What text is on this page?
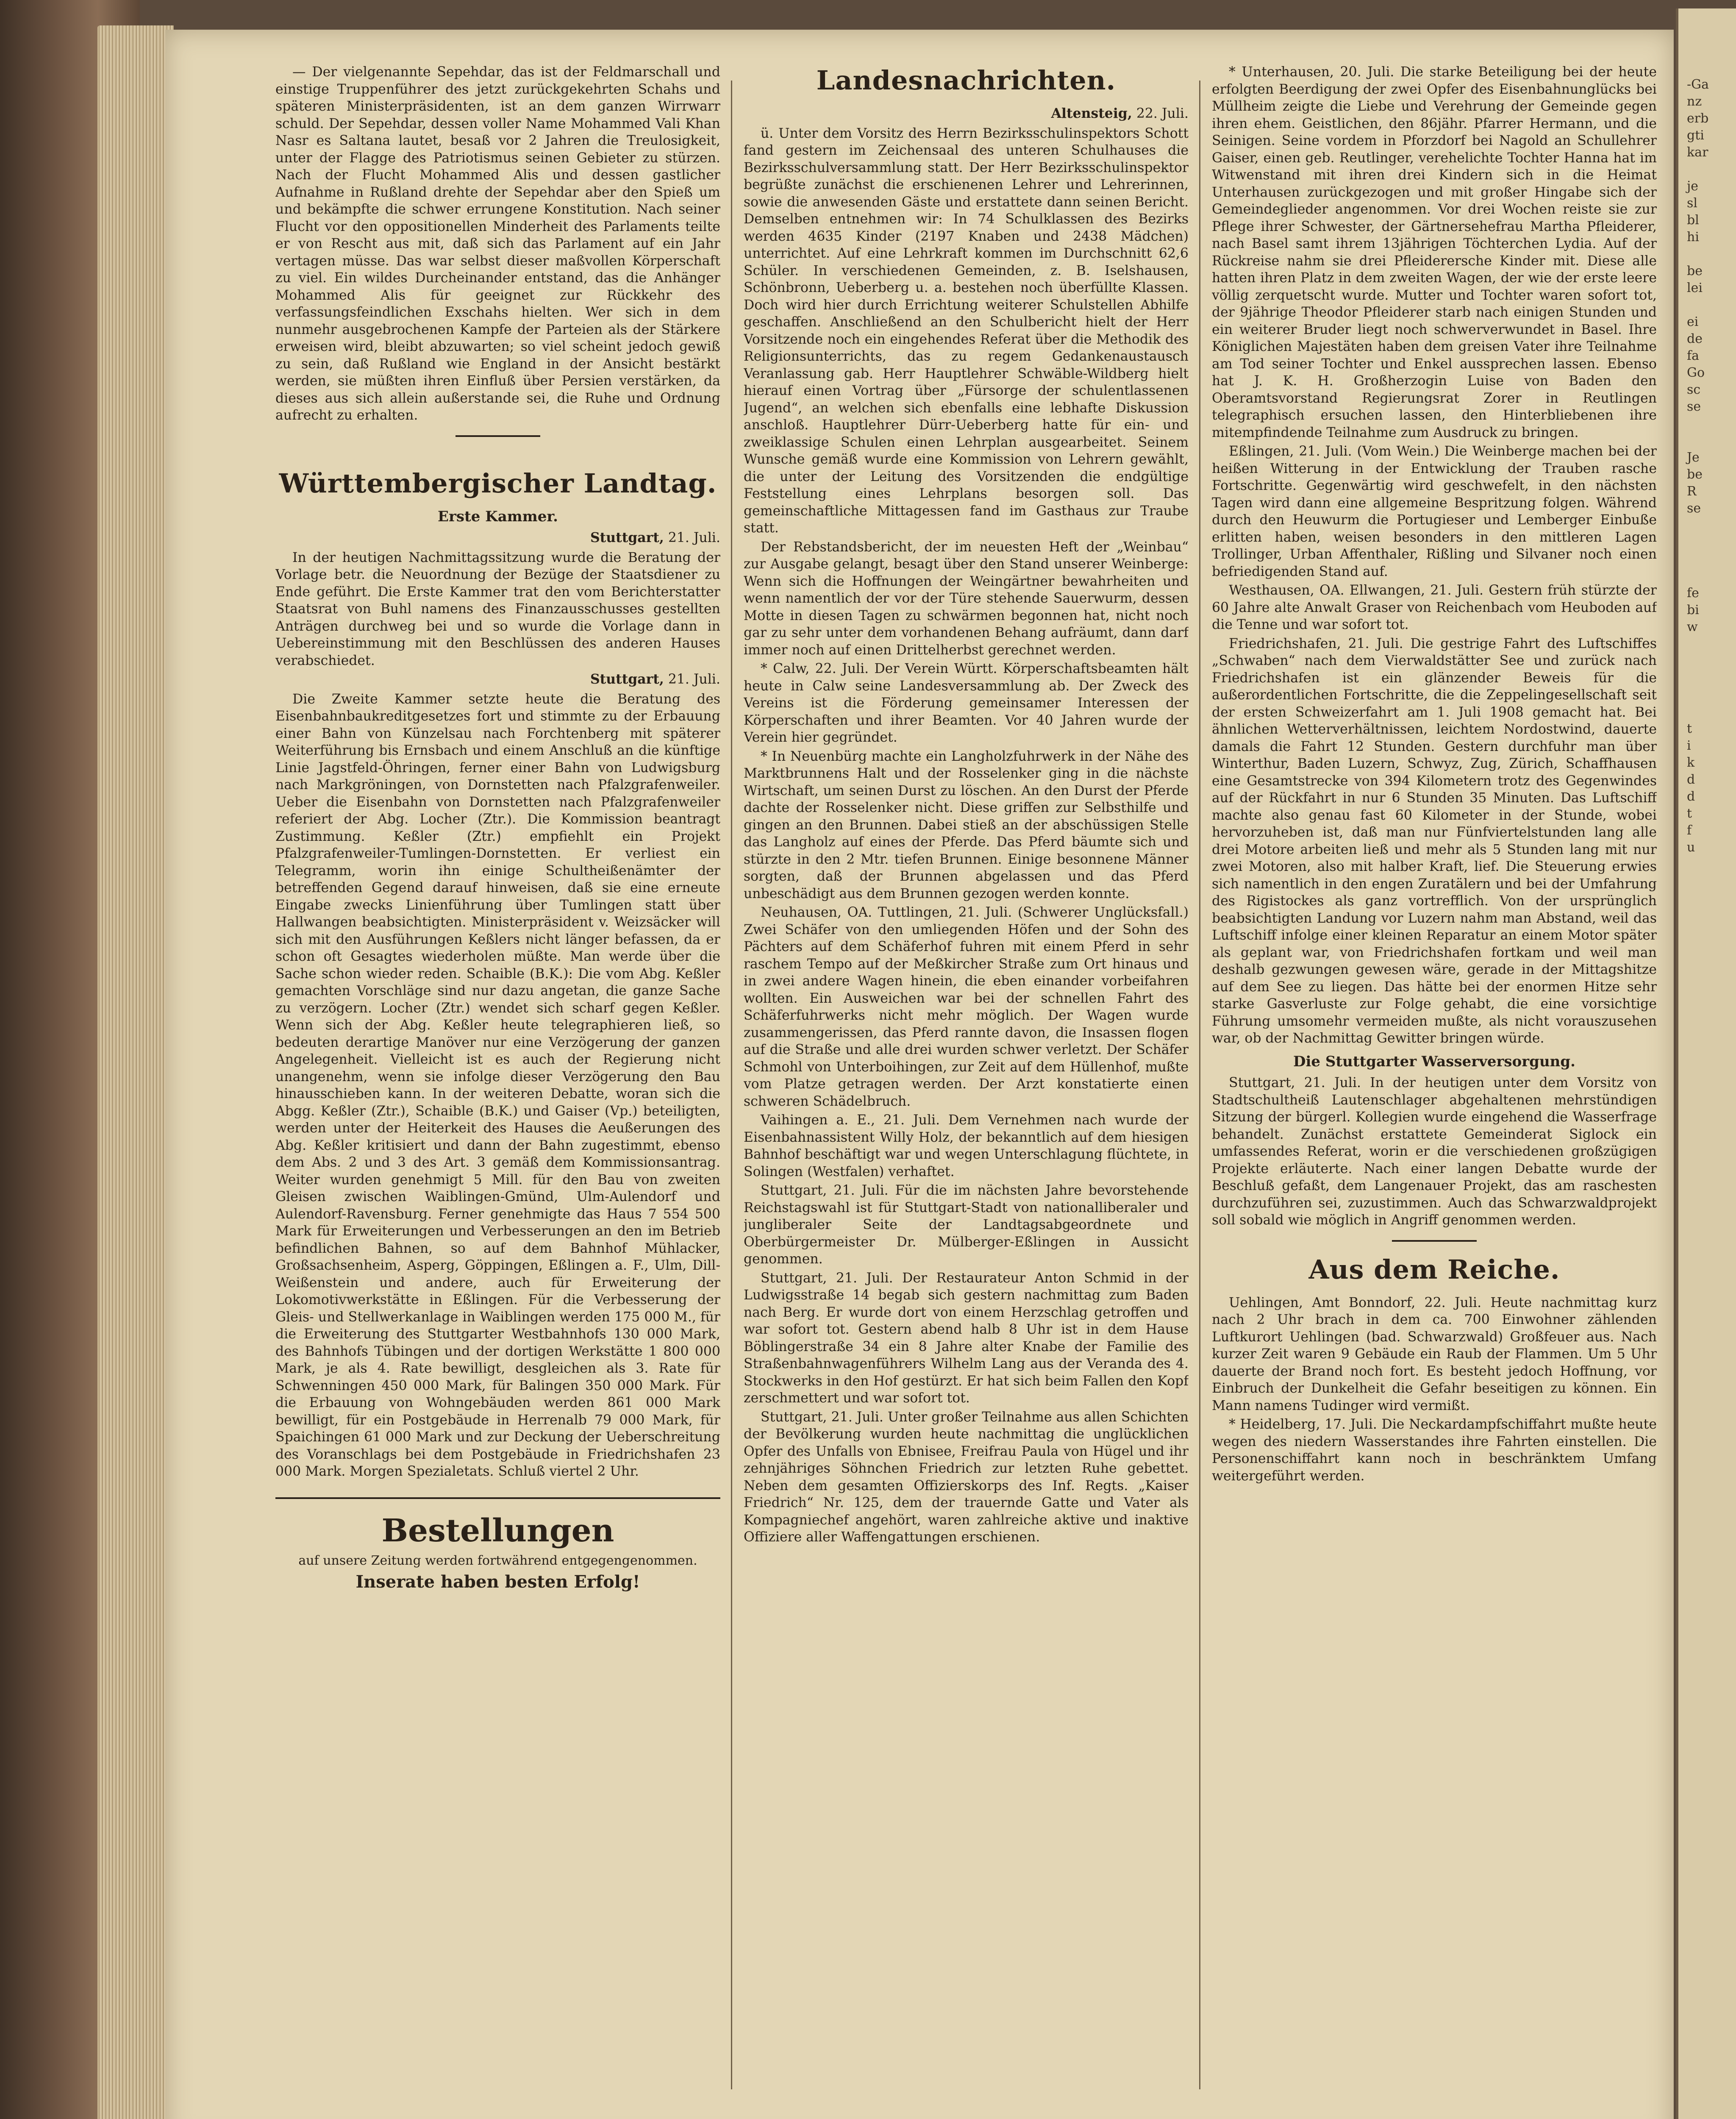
— Der vielgenannte Sepehdar, das ist der Feldmarschall und einstige Truppenführer des jetzt zurückgekehrten Schahs und späteren Ministerpräsidenten, ist an dem ganzen Wirrwarr schuld. Der Sepehdar, dessen voller Name Mohammed Vali Khan Nasr es Saltana lautet, besaß vor 2 Jahren die Treulosigkeit, unter der Flagge des Patriotismus seinen Gebieter zu stürzen. Nach der Flucht Mohammed Alis und dessen gastlicher Aufnahme in Rußland drehte der Sepehdar aber den Spieß um und bekämpfte die schwer errungene Konstitution. Nach seiner Flucht vor den oppositionellen Minderheit des Parlaments teilte er von Rescht aus mit, daß sich das Parlament auf ein Jahr vertagen müsse. Das war selbst dieser maßvollen Körperschaft zu viel. Ein wildes Durcheinander entstand, das die Anhänger Mohammed Alis für geeignet zur Rückkehr des verfassungsfeindlichen Exschahs hielten. Wer sich in dem nunmehr ausgebrochenen Kampfe der Parteien als der Stärkere erweisen wird, bleibt abzuwarten; so viel scheint jedoch gewiß zu sein, daß Rußland wie England in der Ansicht bestärkt werden, sie müßten ihren Einfluß über Persien verstärken, da dieses aus sich allein außerstande sei, die Ruhe und Ordnung aufrecht zu erhalten.

Württembergischer Landtag.
Erste Kammer.
Stuttgart, 21. Juli.

In der heutigen Nachmittagssitzung wurde die Beratung der Vorlage betr. die Neuordnung der Bezüge der Staatsdiener zu Ende geführt. Die Erste Kammer trat den vom Berichterstatter Staatsrat von Buhl namens des Finanzausschusses gestellten Anträgen durchweg bei und so wurde die Vorlage dann in Uebereinstimmung mit den Beschlüssen des anderen Hauses verabschiedet.

Stuttgart, 21. Juli.

Die Zweite Kammer setzte heute die Beratung des Eisenbahnbaukreditgesetzes fort und stimmte zu der Erbauung einer Bahn von Künzelsau nach Forchtenberg mit späterer Weiterführung bis Ernsbach und einem Anschluß an die künftige Linie Jagstfeld-Öhringen, ferner einer Bahn von Ludwigsburg nach Markgröningen, von Dornstetten nach Pfalzgrafenweiler. Ueber die Eisenbahn von Dornstetten nach Pfalzgrafenweiler referiert der Abg. Locher (Ztr.). Die Kommission beantragt Zustimmung. Keßler (Ztr.) empfiehlt ein Projekt Pfalzgrafenweiler-Tumlingen-Dornstetten. Er verliest ein Telegramm, worin ihn einige Schultheißenämter der betreffenden Gegend darauf hinweisen, daß sie eine erneute Eingabe zwecks Linienführung über Tumlingen statt über Hallwangen beabsichtigten. Ministerpräsident v. Weizsäcker will sich mit den Ausführungen Keßlers nicht länger befassen, da er schon oft Gesagtes wiederholen müßte. Man werde über die Sache schon wieder reden. Schaible (B.K.): Die vom Abg. Keßler gemachten Vorschläge sind nur dazu angetan, die ganze Sache zu verzögern. Locher (Ztr.) wendet sich scharf gegen Keßler. Wenn sich der Abg. Keßler heute telegraphieren ließ, so bedeuten derartige Manöver nur eine Verzögerung der ganzen Angelegenheit. Vielleicht ist es auch der Regierung nicht unangenehm, wenn sie infolge dieser Verzögerung den Bau hinausschieben kann. In der weiteren Debatte, woran sich die Abgg. Keßler (Ztr.), Schaible (B.K.) und Gaiser (Vp.) beteiligten, werden unter der Heiterkeit des Hauses die Aeußerungen des Abg. Keßler kritisiert und dann der Bahn zugestimmt, ebenso dem Abs. 2 und 3 des Art. 3 gemäß dem Kommissionsantrag. Weiter wurden genehmigt 5 Mill. für den Bau von zweiten Gleisen zwischen Waiblingen-Gmünd, Ulm-Aulendorf und Aulendorf-Ravensburg. Ferner genehmigte das Haus 7 554 500 Mark für Erweiterungen und Verbesserungen an den im Betrieb befindlichen Bahnen, so auf dem Bahnhof Mühlacker, Großsachsenheim, Asperg, Göppingen, Eßlingen a. F., Ulm, Dill-Weißenstein und andere, auch für Erweiterung der Lokomotivwerkstätte in Eßlingen. Für die Verbesserung der Gleis- und Stellwerkanlage in Waiblingen werden 175 000 M., für die Erweiterung des Stuttgarter Westbahnhofs 130 000 Mark, des Bahnhofs Tübingen und der dortigen Werkstätte 1 800 000 Mark, je als 4. Rate bewilligt, desgleichen als 3. Rate für Schwenningen 450 000 Mark, für Balingen 350 000 Mark. Für die Erbauung von Wohngebäuden werden 861 000 Mark bewilligt, für ein Postgebäude in Herrenalb 79 000 Mark, für Spaichingen 61 000 Mark und zur Deckung der Ueberschreitung des Voranschlags bei dem Postgebäude in Friedrichshafen 23 000 Mark. Morgen Spezialetats. Schluß viertel 2 Uhr.

Bestellungen
auf unsere Zeitung werden fortwährend entgegengenommen.
Inserate haben besten Erfolg!
Landesnachrichten.
Altensteig, 22. Juli.

ü. Unter dem Vorsitz des Herrn Bezirksschulinspektors Schott fand gestern im Zeichensaal des unteren Schulhauses die Bezirksschulversammlung statt. Der Herr Bezirksschulinspektor begrüßte zunächst die erschienenen Lehrer und Lehrerinnen, sowie die anwesenden Gäste und erstattete dann seinen Bericht. Demselben entnehmen wir: In 74 Schulklassen des Bezirks werden 4635 Kinder (2197 Knaben und 2438 Mädchen) unterrichtet. Auf eine Lehrkraft kommen im Durchschnitt 62,6 Schüler. In verschiedenen Gemeinden, z. B. Iselshausen, Schönbronn, Ueberberg u. a. bestehen noch überfüllte Klassen. Doch wird hier durch Errichtung weiterer Schulstellen Abhilfe geschaffen. Anschließend an den Schulbericht hielt der Herr Vorsitzende noch ein eingehendes Referat über die Methodik des Religionsunterrichts, das zu regem Gedankenaustausch Veranlassung gab. Herr Hauptlehrer Schwäble-Wildberg hielt hierauf einen Vortrag über „Fürsorge der schulentlassenen Jugend“, an welchen sich ebenfalls eine lebhafte Diskussion anschloß. Hauptlehrer Dürr-Ueberberg hatte für ein- und zweiklassige Schulen einen Lehrplan ausgearbeitet. Seinem Wunsche gemäß wurde eine Kommission von Lehrern gewählt, die unter der Leitung des Vorsitzenden die endgültige Feststellung eines Lehrplans besorgen soll. Das gemeinschaftliche Mittagessen fand im Gasthaus zur Traube statt.

Der Rebstandsbericht, der im neuesten Heft der „Weinbau“ zur Ausgabe gelangt, besagt über den Stand unserer Weinberge: Wenn sich die Hoffnungen der Weingärtner bewahrheiten und wenn namentlich der vor der Türe stehende Sauerwurm, dessen Motte in diesen Tagen zu schwärmen begonnen hat, nicht noch gar zu sehr unter dem vorhandenen Behang aufräumt, dann darf immer noch auf einen Drittelherbst gerechnet werden.

* Calw, 22. Juli. Der Verein Württ. Körperschaftsbeamten hält heute in Calw seine Landesversammlung ab. Der Zweck des Vereins ist die Förderung gemeinsamer Interessen der Körperschaften und ihrer Beamten. Vor 40 Jahren wurde der Verein hier gegründet.

* In Neuenbürg machte ein Langholzfuhrwerk in der Nähe des Marktbrunnens Halt und der Rosselenker ging in die nächste Wirtschaft, um seinen Durst zu löschen. An den Durst der Pferde dachte der Rosselenker nicht. Diese griffen zur Selbsthilfe und gingen an den Brunnen. Dabei stieß an der abschüssigen Stelle das Langholz auf eines der Pferde. Das Pferd bäumte sich und stürzte in den 2 Mtr. tiefen Brunnen. Einige besonnene Männer sorgten, daß der Brunnen abgelassen und das Pferd unbeschädigt aus dem Brunnen gezogen werden konnte.

Neuhausen, OA. Tuttlingen, 21. Juli. (Schwerer Unglücksfall.) Zwei Schäfer von den umliegenden Höfen und der Sohn des Pächters auf dem Schäferhof fuhren mit einem Pferd in sehr raschem Tempo auf der Meßkircher Straße zum Ort hinaus und in zwei andere Wagen hinein, die eben einander vorbeifahren wollten. Ein Ausweichen war bei der schnellen Fahrt des Schäferfuhrwerks nicht mehr möglich. Der Wagen wurde zusammengerissen, das Pferd rannte davon, die Insassen flogen auf die Straße und alle drei wurden schwer verletzt. Der Schäfer Schmohl von Unterboihingen, zur Zeit auf dem Hüllenhof, mußte vom Platze getragen werden. Der Arzt konstatierte einen schweren Schädelbruch.

Vaihingen a. E., 21. Juli. Dem Vernehmen nach wurde der Eisenbahnassistent Willy Holz, der bekanntlich auf dem hiesigen Bahnhof beschäftigt war und wegen Unterschlagung flüchtete, in Solingen (Westfalen) verhaftet.

Stuttgart, 21. Juli. Für die im nächsten Jahre bevorstehende Reichstagswahl ist für Stuttgart-Stadt von nationalliberaler und jungliberaler Seite der Landtagsabgeordnete und Oberbürgermeister Dr. Mülberger-Eßlingen in Aussicht genommen.

Stuttgart, 21. Juli. Der Restaurateur Anton Schmid in der Ludwigsstraße 14 begab sich gestern nachmittag zum Baden nach Berg. Er wurde dort von einem Herzschlag getroffen und war sofort tot. Gestern abend halb 8 Uhr ist in dem Hause Böblingerstraße 34 ein 8 Jahre alter Knabe der Familie des Straßenbahnwagenführers Wilhelm Lang aus der Veranda des 4. Stockwerks in den Hof gestürzt. Er hat sich beim Fallen den Kopf zerschmettert und war sofort tot.

Stuttgart, 21. Juli. Unter großer Teilnahme aus allen Schichten der Bevölkerung wurden heute nachmittag die unglücklichen Opfer des Unfalls von Ebnisee, Freifrau Paula von Hügel und ihr zehnjähriges Söhnchen Friedrich zur letzten Ruhe gebettet. Neben dem gesamten Offizierskorps des Inf. Regts. „Kaiser Friedrich“ Nr. 125, dem der trauernde Gatte und Vater als Kompagniechef angehört, waren zahlreiche aktive und inaktive Offiziere aller Waffengattungen erschienen.

* Unterhausen, 20. Juli. Die starke Beteiligung bei der heute erfolgten Beerdigung der zwei Opfer des Eisenbahnunglücks bei Müllheim zeigte die Liebe und Verehrung der Gemeinde gegen ihren ehem. Geistlichen, den 86jähr. Pfarrer Hermann, und die Seinigen. Seine vordem in Pforzdorf bei Nagold an Schullehrer Gaiser, einen geb. Reutlinger, verehelichte Tochter Hanna hat im Witwenstand mit ihren drei Kindern sich in die Heimat Unterhausen zurückgezogen und mit großer Hingabe sich der Gemeindeglieder angenommen. Vor drei Wochen reiste sie zur Pflege ihrer Schwester, der Gärtnersehefrau Martha Pfleiderer, nach Basel samt ihrem 13jährigen Töchterchen Lydia. Auf der Rückreise nahm sie drei Pfleiderersche Kinder mit. Diese alle hatten ihren Platz in dem zweiten Wagen, der wie der erste leere völlig zerquetscht wurde. Mutter und Tochter waren sofort tot, der 9jährige Theodor Pfleiderer starb nach einigen Stunden und ein weiterer Bruder liegt noch schwerverwundet in Basel. Ihre Königlichen Majestäten haben dem greisen Vater ihre Teilnahme am Tod seiner Tochter und Enkel aussprechen lassen. Ebenso hat J. K. H. Großherzogin Luise von Baden den Oberamtsvorstand Regierungsrat Zorer in Reutlingen telegraphisch ersuchen lassen, den Hinterbliebenen ihre mitempfindende Teilnahme zum Ausdruck zu bringen.

Eßlingen, 21. Juli. (Vom Wein.) Die Weinberge machen bei der heißen Witterung in der Entwicklung der Trauben rasche Fortschritte. Gegenwärtig wird geschwefelt, in den nächsten Tagen wird dann eine allgemeine Bespritzung folgen. Während durch den Heuwurm die Portugieser und Lemberger Einbuße erlitten haben, weisen besonders in den mittleren Lagen Trollinger, Urban Affenthaler, Rißling und Silvaner noch einen befriedigenden Stand auf.

Westhausen, OA. Ellwangen, 21. Juli. Gestern früh stürzte der 60 Jahre alte Anwalt Graser von Reichenbach vom Heuboden auf die Tenne und war sofort tot.

Friedrichshafen, 21. Juli. Die gestrige Fahrt des Luftschiffes „Schwaben“ nach dem Vierwaldstätter See und zurück nach Friedrichshafen ist ein glänzender Beweis für die außerordentlichen Fortschritte, die die Zeppelingesellschaft seit der ersten Schweizerfahrt am 1. Juli 1908 gemacht hat. Bei ähnlichen Wetterverhältnissen, leichtem Nordostwind, dauerte damals die Fahrt 12 Stunden. Gestern durchfuhr man über Winterthur, Baden Luzern, Schwyz, Zug, Zürich, Schaffhausen eine Gesamtstrecke von 394 Kilometern trotz des Gegenwindes auf der Rückfahrt in nur 6 Stunden 35 Minuten. Das Luftschiff machte also genau fast 60 Kilometer in der Stunde, wobei hervorzuheben ist, daß man nur Fünfviertelstunden lang alle drei Motore arbeiten ließ und mehr als 5 Stunden lang mit nur zwei Motoren, also mit halber Kraft, lief. Die Steuerung erwies sich namentlich in den engen Zuratälern und bei der Umfahrung des Rigistockes als ganz vortrefflich. Von der ursprünglich beabsichtigten Landung vor Luzern nahm man Abstand, weil das Luftschiff infolge einer kleinen Reparatur an einem Motor später als geplant war, von Friedrichshafen fortkam und weil man deshalb gezwungen gewesen wäre, gerade in der Mittagshitze auf dem See zu liegen. Das hätte bei der enormen Hitze sehr starke Gasverluste zur Folge gehabt, die eine vorsichtige Führung umsomehr vermeiden mußte, als nicht vorauszusehen war, ob der Nachmittag Gewitter bringen würde.

Die Stuttgarter Wasserversorgung.

Stuttgart, 21. Juli. In der heutigen unter dem Vorsitz von Stadtschultheiß Lautenschlager abgehaltenen mehrstündigen Sitzung der bürgerl. Kollegien wurde eingehend die Wasserfrage behandelt. Zunächst erstattete Gemeinderat Siglock ein umfassendes Referat, worin er die verschiedenen großzügigen Projekte erläuterte. Nach einer langen Debatte wurde der Beschluß gefaßt, dem Langenauer Projekt, das am raschesten durchzuführen sei, zuzustimmen. Auch das Schwarzwaldprojekt soll sobald wie möglich in Angriff genommen werden.

Aus dem Reiche.

Uehlingen, Amt Bonndorf, 22. Juli. Heute nachmittag kurz nach 2 Uhr brach in dem ca. 700 Einwohner zählenden Luftkurort Uehlingen (bad. Schwarzwald) Großfeuer aus. Nach kurzer Zeit waren 9 Gebäude ein Raub der Flammen. Um 5 Uhr dauerte der Brand noch fort. Es besteht jedoch Hoffnung, vor Einbruch der Dunkelheit die Gefahr beseitigen zu können. Ein Mann namens Tudinger wird vermißt.

* Heidelberg, 17. Juli. Die Neckardampfschiffahrt mußte heute wegen des niedern Wasserstandes ihre Fahrten einstellen. Die Personenschiffahrt kann noch in beschränktem Umfang weitergeführt werden.

-Ga
nz
erb
gti
kar

je
sl
bl
hi

be
lei

ei
de
fa
Go
sc
se

Je
be
R
se

fe
bi
w

t
i
k
d
d
t
f
u
